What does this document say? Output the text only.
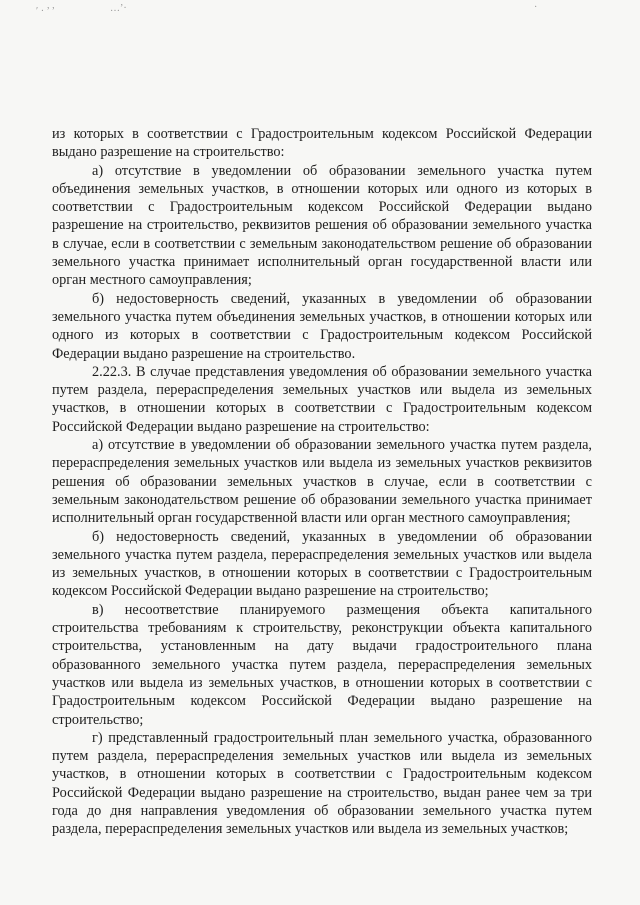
′ · ’ ’	…’·	·

из которых в соответствии с Градостроительным кодексом Российской Федерации выдано разрешение на строительство:

а) отсутствие в уведомлении об образовании земельного участка путем объединения земельных участков, в отношении которых или одного из которых в соответствии с Градостроительным кодексом Российской Федерации выдано разрешение на строительство, реквизитов решения об образовании земельного участка в случае, если в соответствии с земельным законодательством решение об образовании земельного участка принимает исполнительный орган государственной власти или орган местного самоуправления;

б) недостоверность сведений, указанных в уведомлении об образовании земельного участка путем объединения земельных участков, в отношении которых или одного из которых в соответствии с Градостроительным кодексом Российской Федерации выдано разрешение на строительство.

2.22.3. В случае представления уведомления об образовании земельного участка путем раздела, перераспределения земельных участков или выдела из земельных участков, в отношении которых в соответствии с Градостроительным кодексом Российской Федерации выдано разрешение на строительство:

а) отсутствие в уведомлении об образовании земельного участка путем раздела, перераспределения земельных участков или выдела из земельных участков реквизитов решения об образовании земельных участков в случае, если в соответствии с земельным законодательством решение об образовании земельного участка принимает исполнительный орган государственной власти или орган местного самоуправления;

б) недостоверность сведений, указанных в уведомлении об образовании земельного участка путем раздела, перераспределения земельных участков или выдела из земельных участков, в отношении которых в соответствии с Градостроительным кодексом Российской Федерации выдано разрешение на строительство;

в) несоответствие планируемого размещения объекта капитального строительства требованиям к строительству, реконструкции объекта капитального строительства, установленным на дату выдачи градостроительного плана образованного земельного участка путем раздела, перераспределения земельных участков или выдела из земельных участков, в отношении которых в соответствии с Градостроительным кодексом Российской Федерации выдано разрешение на строительство;

г) представленный градостроительный план земельного участка, образованного путем раздела, перераспределения земельных участков или выдела из земельных участков, в отношении которых в соответствии с Градостроительным кодексом Российской Федерации выдано разрешение на строительство, выдан ранее чем за три года до дня направления уведомления об образовании земельного участка путем раздела, перераспределения земельных участков или выдела из земельных участков;
